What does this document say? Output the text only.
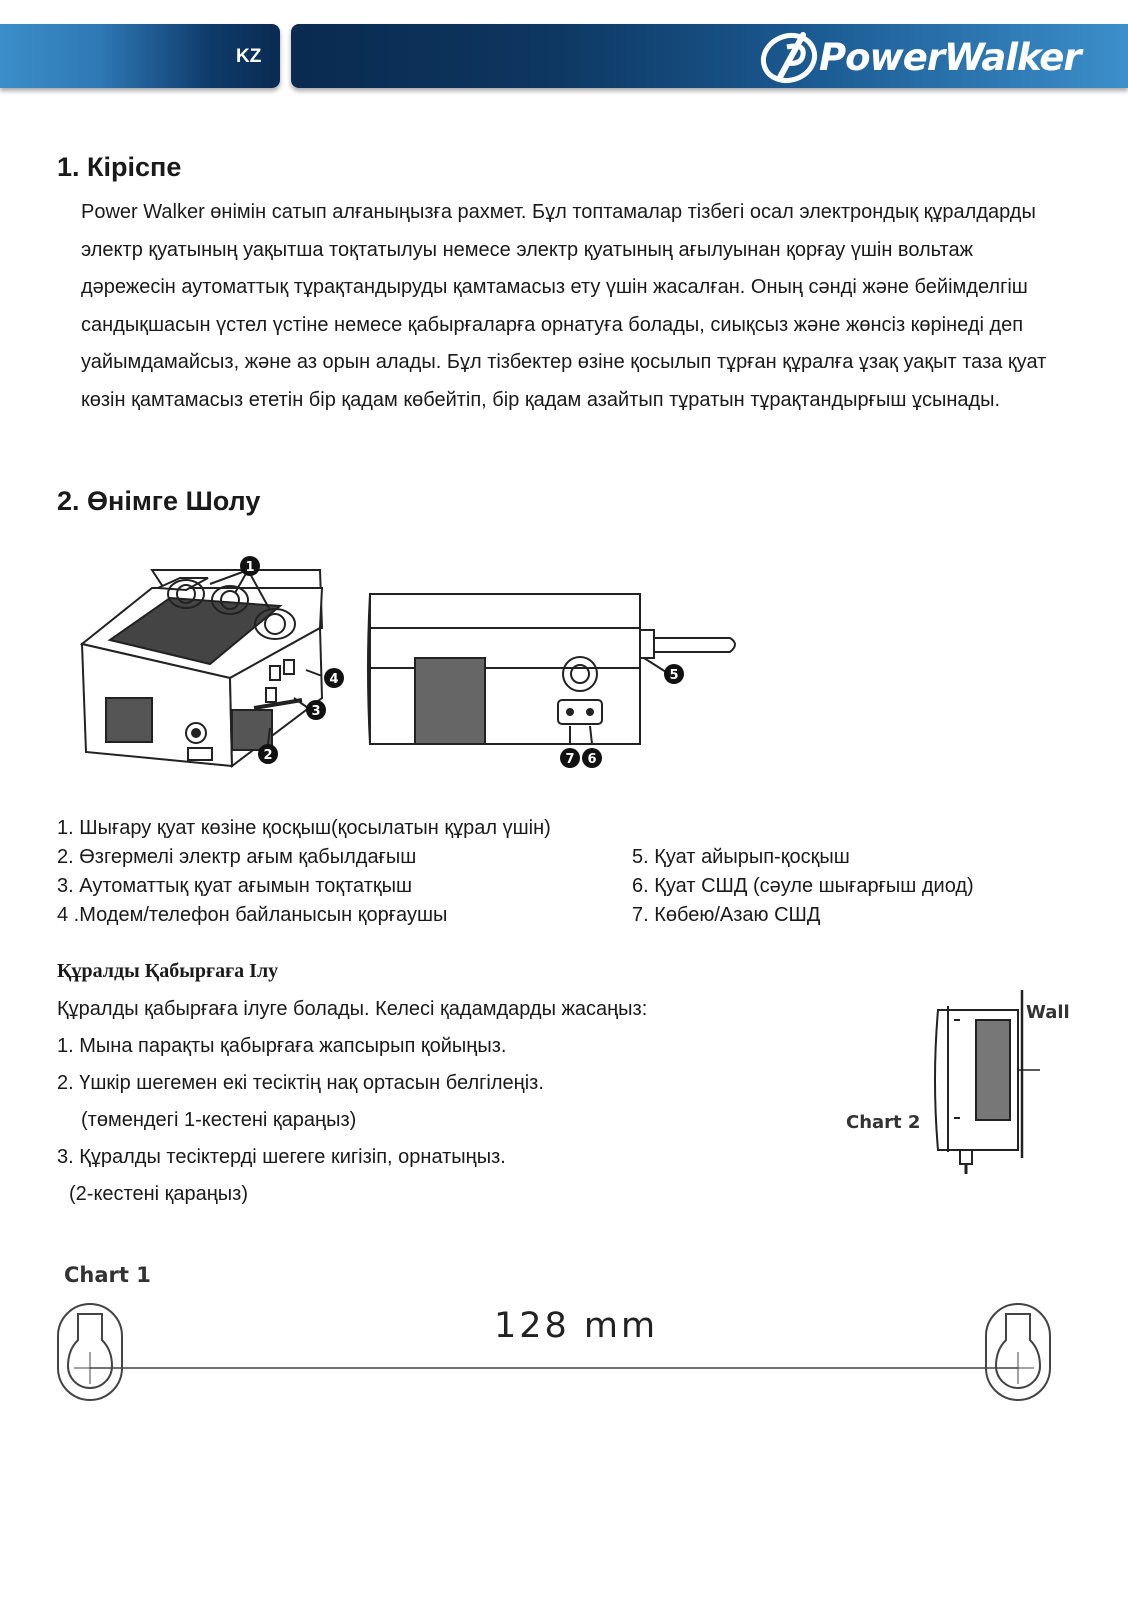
KZ	PowerWalker
1. Кіріспе

Power Walker өнімін сатып алғаныңызға рахмет. Бұл топтамалар тізбегі осал электрондық құралдарды электр қуатының уақытша тоқтатылуы немесе электр қуатының ағылуынан қорғау үшін вольтаж дәрежесін аутоматтық тұрақтандыруды қамтамасыз ету үшін жасалған. Оның сәнді және бейімделгіш сандықшасын үстел үстіне немесе қабырғаларға орнатуға болады, сиықсыз және жөнсіз көрінеді деп уайымдамайсыз, және аз орын алады. Бұл тізбектер өзіне қосылып тұрған құралға ұзақ уақыт таза қуат көзін қамтамасыз ететін бір қадам көбейтіп, бір қадам азайтып тұратын тұрақтандырғыш ұсынады.

2. Өнімге Шолу
1
2
3
4	5
6
7
1. Шығару қуат көзіне қосқыш(қосылатын құрал үшін)
2. Өзгермелі электр ағым қабылдағыш
3. Аутоматтық қуат ағымын тоқтатқыш
4 .Модем/телефон байланысын қорғаушы
5. Қуат айырып-қосқыш
6. Қуат СШД (сәуле шығарғыш диод)
7. Көбею/Азаю СШД
Құралды Қабырғаға Ілу
Құралды қабырғаға ілуге болады. Келесі қадамдарды жасаңыз:
1. Мына парақты қабырғаға жапсырып қойыңыз.
2. Үшкір шегемен екі тесіктің нақ ортасын белгілеңіз.
(төмендегі 1-кестені қараңыз)
3. Құралды тесіктерді шегеге кигізіп, орнатыңыз.
(2-кестені қараңыз)
Chart 2
Wall
Chart 1
128 mm
